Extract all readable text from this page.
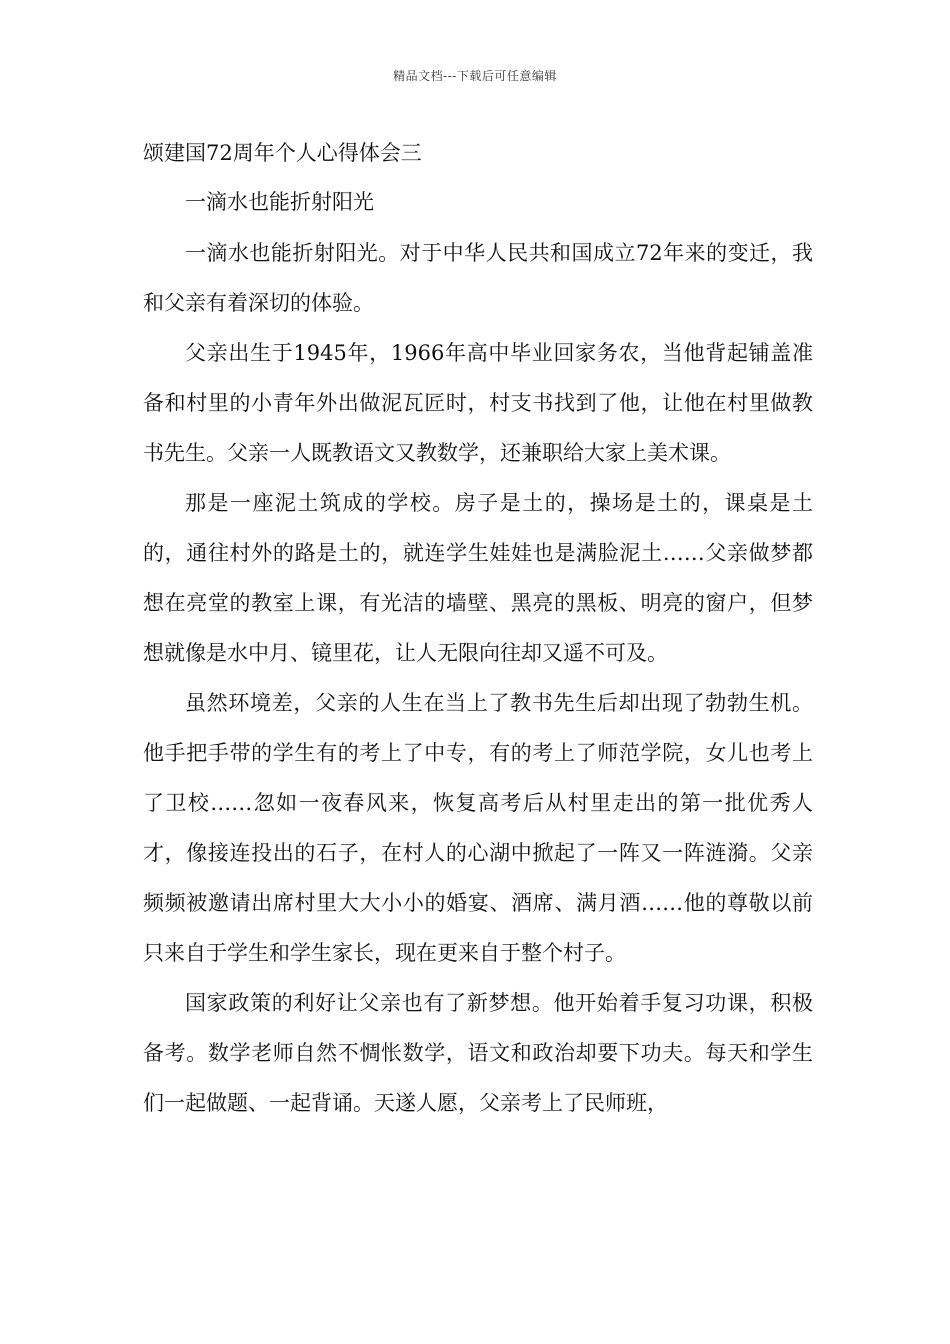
精品文档---下载后可任意编辑
颂建国72周年个人心得体会三

一滴水也能折射阳光

一滴水也能折射阳光。对于中华人民共和国成立72年来的变迁，我和父亲有着深切的体验。

父亲出生于1945年，1966年高中毕业回家务农，当他背起铺盖准备和村里的小青年外出做泥瓦匠时，村支书找到了他，让他在村里做教书先生。父亲一人既教语文又教数学，还兼职给大家上美术课。

那是一座泥土筑成的学校。房子是土的，操场是土的，课桌是土的，通往村外的路是土的，就连学生娃娃也是满脸泥土……父亲做梦都想在亮堂的教室上课，有光洁的墙壁、黑亮的黑板、明亮的窗户，但梦想就像是水中月、镜里花，让人无限向往却又遥不可及。

虽然环境差，父亲的人生在当上了教书先生后却出现了勃勃生机。他手把手带的学生有的考上了中专，有的考上了师范学院，女儿也考上了卫校……忽如一夜春风来，恢复高考后从村里走出的第一批优秀人才，像接连投出的石子，在村人的心湖中掀起了一阵又一阵涟漪。父亲频频被邀请出席村里大大小小的婚宴、酒席、满月酒……他的尊敬以前只来自于学生和学生家长，现在更来自于整个村子。

国家政策的利好让父亲也有了新梦想。他开始着手复习功课，积极备考。数学老师自然不惆怅数学，语文和政治却要下功夫。每天和学生们一起做题、一起背诵。天遂人愿，父亲考上了民师班，
